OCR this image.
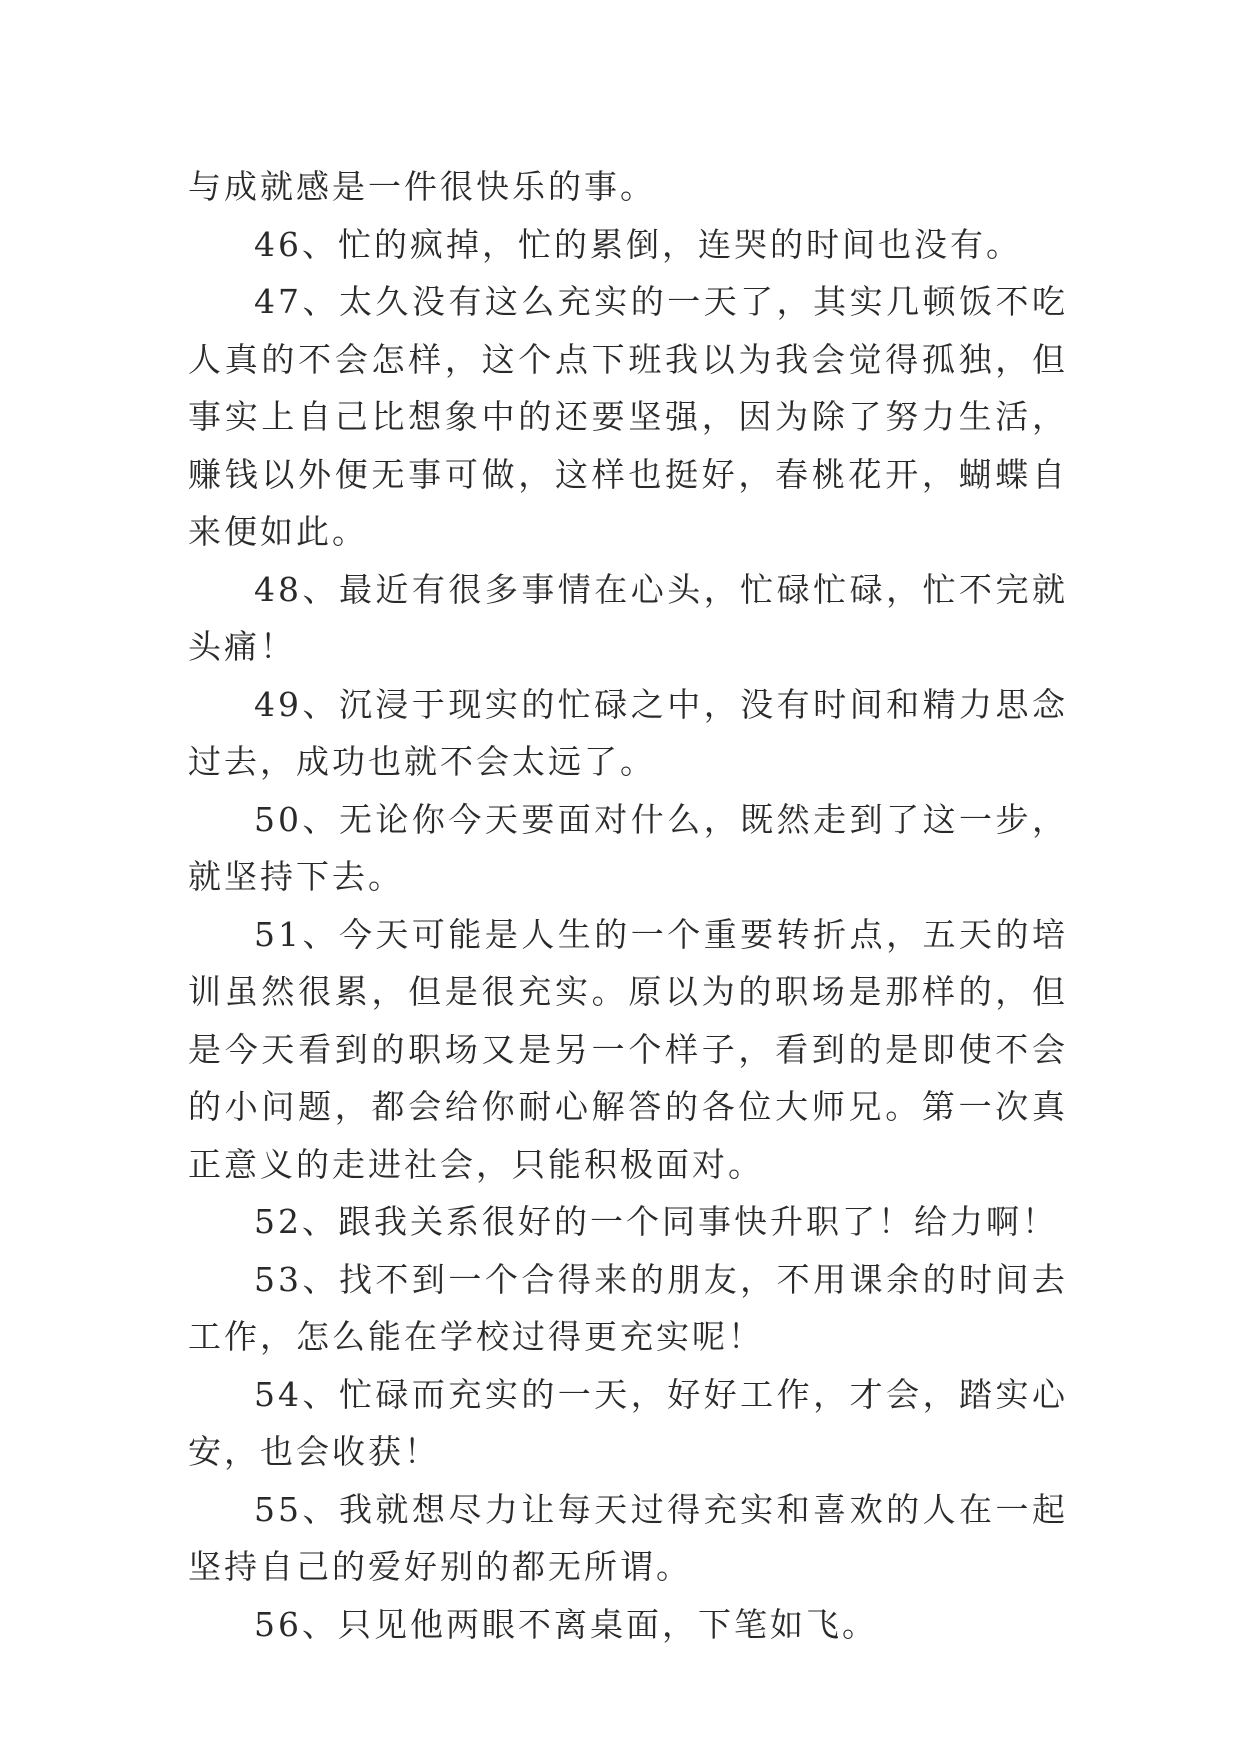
与成就感是一件很快乐的事。

46、忙的疯掉，忙的累倒，连哭的时间也没有。

47、太久没有这么充实的一天了，其实几顿饭不吃人真的不会怎样，这个点下班我以为我会觉得孤独，但事实上自己比想象中的还要坚强，因为除了努力生活，赚钱以外便无事可做，这样也挺好，春桃花开，蝴蝶自来便如此。

48、最近有很多事情在心头，忙碌忙碌，忙不完就头痛！

49、沉浸于现实的忙碌之中，没有时间和精力思念过去，成功也就不会太远了。

50、无论你今天要面对什么，既然走到了这一步，就坚持下去。

51、今天可能是人生的一个重要转折点，五天的培训虽然很累，但是很充实。原以为的职场是那样的，但是今天看到的职场又是另一个样子，看到的是即使不会的小问题，都会给你耐心解答的各位大师兄。第一次真正意义的走进社会，只能积极面对。

52、跟我关系很好的一个同事快升职了！给力啊！

53、找不到一个合得来的朋友，不用课余的时间去工作，怎么能在学校过得更充实呢！

54、忙碌而充实的一天，好好工作，才会，踏实心安，也会收获！

55、我就想尽力让每天过得充实和喜欢的人在一起坚持自己的爱好别的都无所谓。

56、只见他两眼不离桌面，下笔如飞。
